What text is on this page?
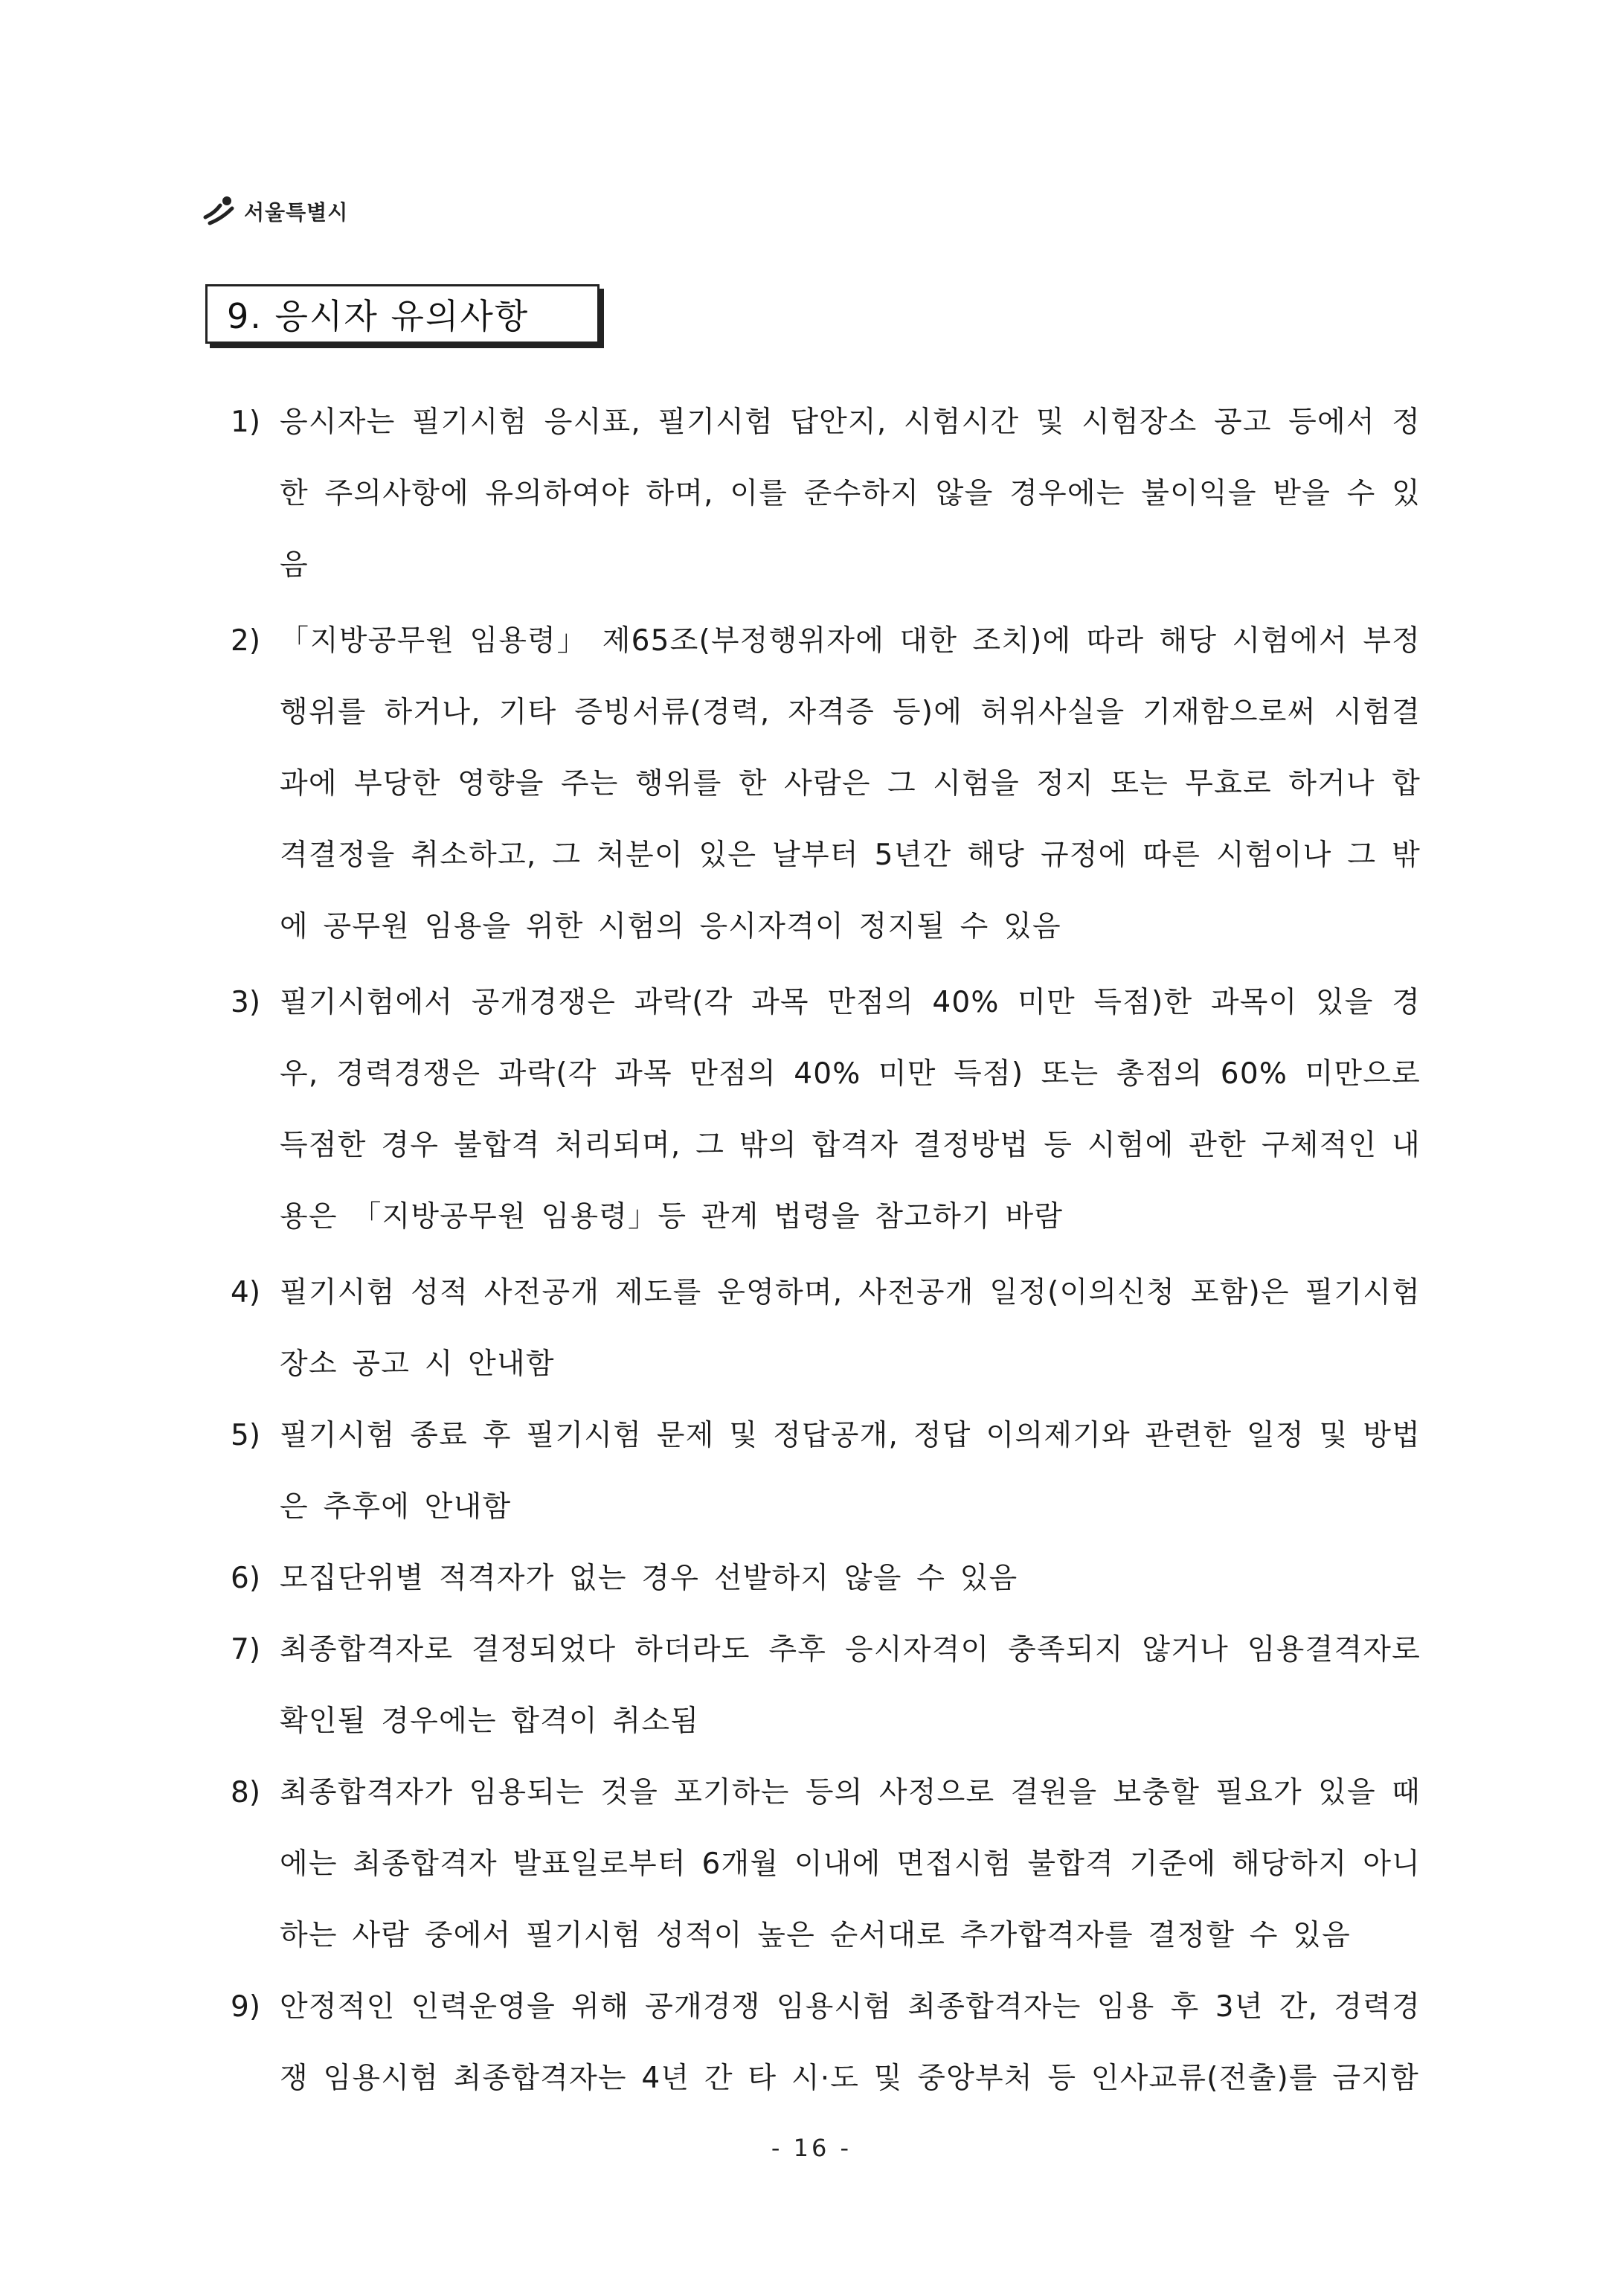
서울특별시
9. 응시자 유의사항
1) 응시자는 필기시험 응시표, 필기시험 답안지, 시험시간 및 시험장소 공고 등에서 정한 주의사항에 유의하여야 하며, 이를 준수하지 않을 경우에는 불이익을 받을 수 있음
2) 「지방공무원 임용령」 제65조(부정행위자에 대한 조치)에 따라 해당 시험에서 부정행위를 하거나, 기타 증빙서류(경력, 자격증 등)에 허위사실을 기재함으로써 시험결과에 부당한 영향을 주는 행위를 한 사람은 그 시험을 정지 또는 무효로 하거나 합격결정을 취소하고, 그 처분이 있은 날부터 5년간 해당 규정에 따른 시험이나 그 밖에 공무원 임용을 위한 시험의 응시자격이 정지될 수 있음
3) 필기시험에서 공개경쟁은 과락(각 과목 만점의 40% 미만 득점)한 과목이 있을 경우, 경력경쟁은 과락(각 과목 만점의 40% 미만 득점) 또는 총점의 60% 미만으로 득점한 경우 불합격 처리되며, 그 밖의 합격자 결정방법 등 시험에 관한 구체적인 내용은 「지방공무원 임용령」등 관계 법령을 참고하기 바람
4) 필기시험 성적 사전공개 제도를 운영하며, 사전공개 일정(이의신청 포함)은 필기시험 장소 공고 시 안내함
5) 필기시험 종료 후 필기시험 문제 및 정답공개, 정답 이의제기와 관련한 일정 및 방법은 추후에 안내함
6) 모집단위별 적격자가 없는 경우 선발하지 않을 수 있음
7) 최종합격자로 결정되었다 하더라도 추후 응시자격이 충족되지 않거나 임용결격자로 확인될 경우에는 합격이 취소됨
8) 최종합격자가 임용되는 것을 포기하는 등의 사정으로 결원을 보충할 필요가 있을 때에는 최종합격자 발표일로부터 6개월 이내에 면접시험 불합격 기준에 해당하지 아니하는 사람 중에서 필기시험 성적이 높은 순서대로 추가합격자를 결정할 수 있음
9) 안정적인 인력운영을 위해 공개경쟁 임용시험 최종합격자는 임용 후 3년 간, 경력경쟁 임용시험 최종합격자는 4년 간 타 시·도 및 중앙부처 등 인사교류(전출)를 금지함
- 16 -
